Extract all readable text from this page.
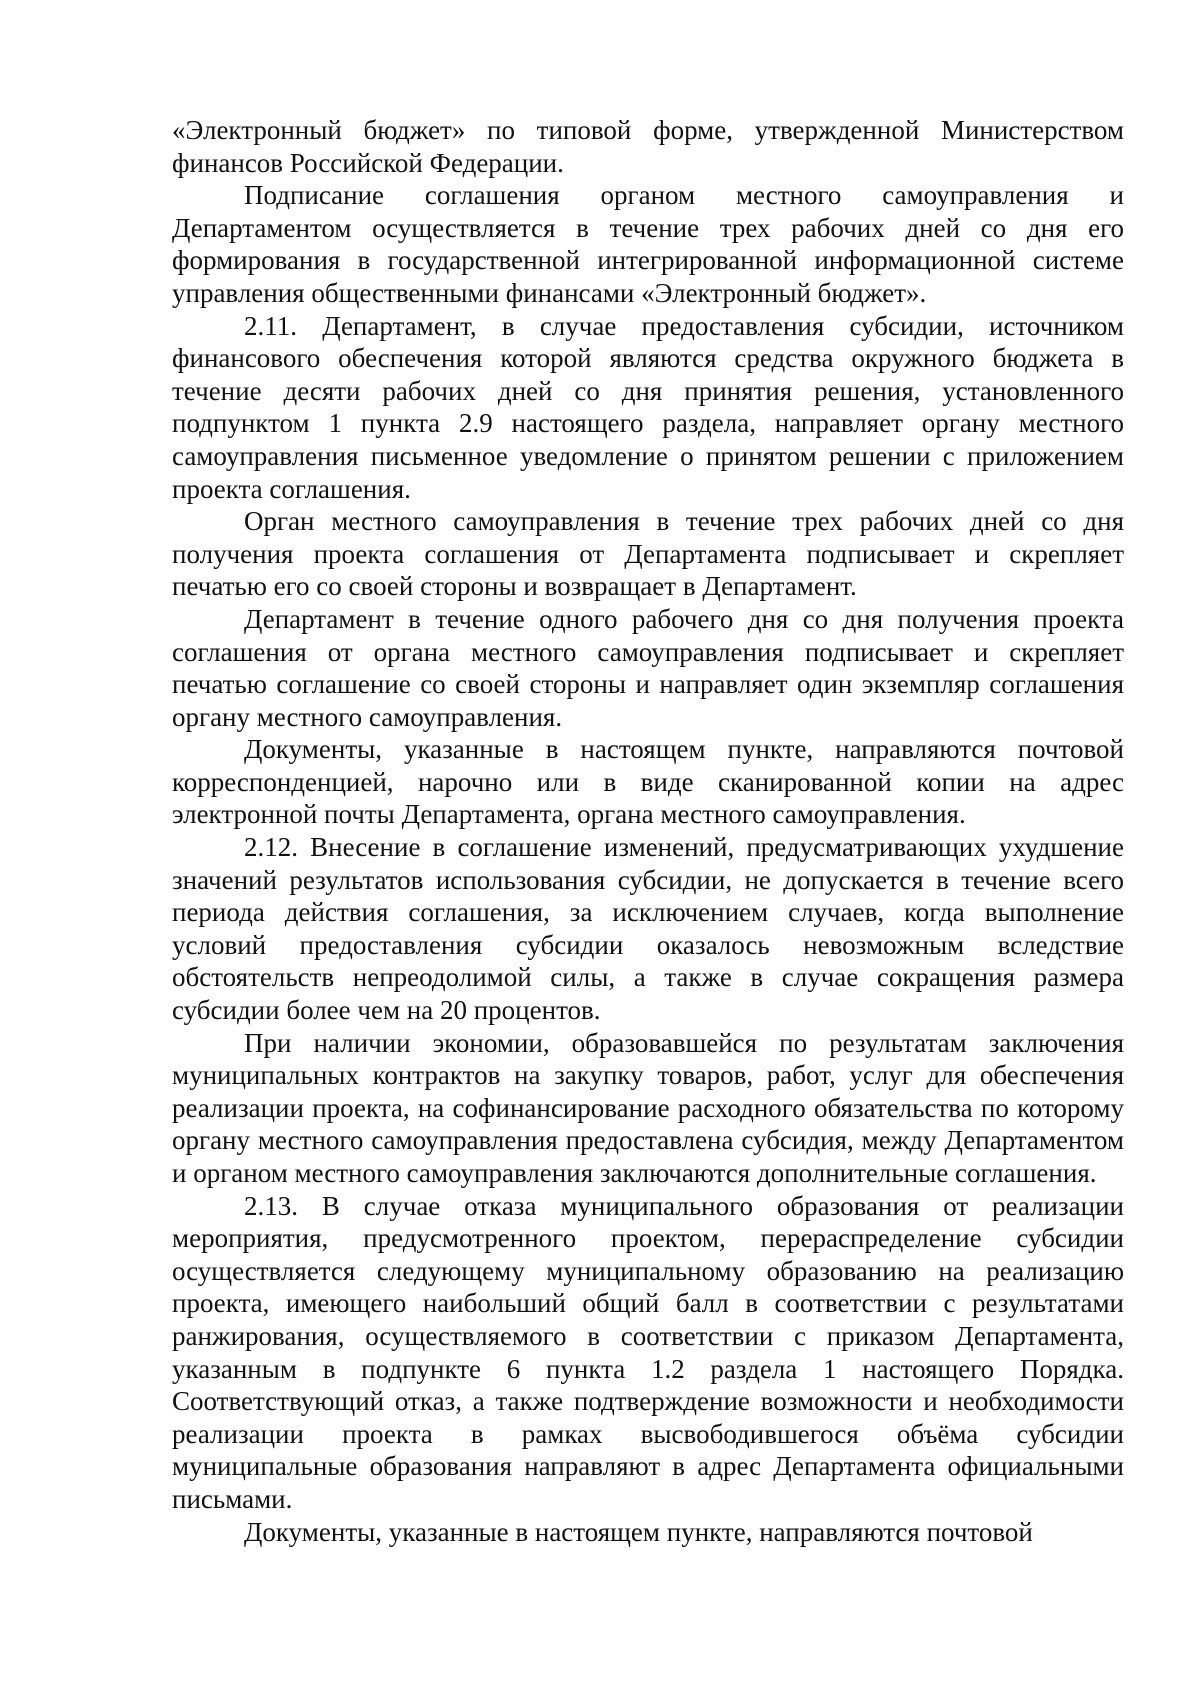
«Электронный бюджет» по типовой форме, утвержденной Министерством финансов Российской Федерации.

Подписание соглашения органом местного самоуправления и Департаментом осуществляется в течение трех рабочих дней со дня его формирования в государственной интегрированной информационной системе управления общественными финансами «Электронный бюджет».

2.11. Департамент, в случае предоставления субсидии, источником финансового обеспечения которой являются средства окружного бюджета в течение десяти рабочих дней со дня принятия решения, установленного подпунктом 1 пункта 2.9 настоящего раздела, направляет органу местного самоуправления письменное уведомление о принятом решении с приложением проекта соглашения.

Орган местного самоуправления в течение трех рабочих дней со дня получения проекта соглашения от Департамента подписывает и скрепляет печатью его со своей стороны и возвращает в Департамент.

Департамент в течение одного рабочего дня со дня получения проекта соглашения от органа местного самоуправления подписывает и скрепляет печатью соглашение со своей стороны и направляет один экземпляр соглашения органу местного самоуправления.

Документы, указанные в настоящем пункте, направляются почтовой корреспонденцией, нарочно или в виде сканированной копии на адрес электронной почты Департамента, органа местного самоуправления.

2.12. Внесение в соглашение изменений, предусматривающих ухудшение значений результатов использования субсидии, не допускается в течение всего периода действия соглашения, за исключением случаев, когда выполнение условий предоставления субсидии оказалось невозможным вследствие обстоятельств непреодолимой силы, а также в случае сокращения размера субсидии более чем на 20 процентов.

При наличии экономии, образовавшейся по результатам заключения муниципальных контрактов на закупку товаров, работ, услуг для обеспечения реализации проекта, на софинансирование расходного обязательства по которому органу местного самоуправления предоставлена субсидия, между Департаментом и органом местного самоуправления заключаются дополнительные соглашения.

2.13. В случае отказа муниципального образования от реализации мероприятия, предусмотренного проектом, перераспределение субсидии осуществляется следующему муниципальному образованию на реализацию проекта, имеющего наибольший общий балл в соответствии с результатами ранжирования, осуществляемого в соответствии с приказом Департамента, указанным в подпункте 6 пункта 1.2 раздела 1 настоящего Порядка. Соответствующий отказ, а также подтверждение возможности и необходимости реализации проекта в рамках высвободившегося объёма субсидии муниципальные образования направляют в адрес Департамента официальными письмами.

Документы, указанные в настоящем пункте, направляются почтовой
